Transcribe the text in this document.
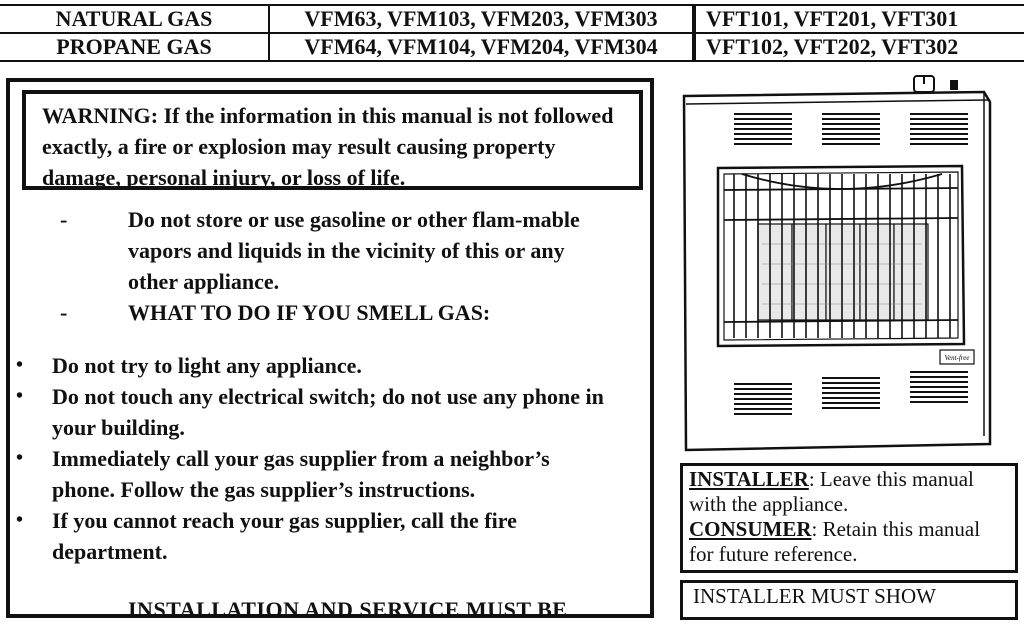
NATURAL GAS	VFM63, VFM103, VFM203, VFM303	VFT101, VFT201, VFT301
PROPANE GAS	VFM64, VFM104, VFM204, VFM304	VFT102, VFT202, VFT302
WARNING: If the information in this manual is not followed exactly, a fire or explosion may result causing property damage, personal injury, or loss of life.
-	Do not store or use gasoline or other flam-mable vapors and liquids in the vicinity of this or any other appliance.
-	WHAT TO DO IF YOU SMELL GAS:
• Do not try to light any appliance.
• Do not touch any electrical switch; do not use any phone in your building.
• Immediately call your gas supplier from a neighbor’s phone. Follow the gas supplier’s instructions.
• If you cannot reach your gas supplier, call the fire department.
INSTALLATION AND SERVICE MUST BE
Vent-free
INSTALLER: Leave this manual with the appliance.
CONSUMER: Retain this manual for future reference.
INSTALLER MUST SHOW
